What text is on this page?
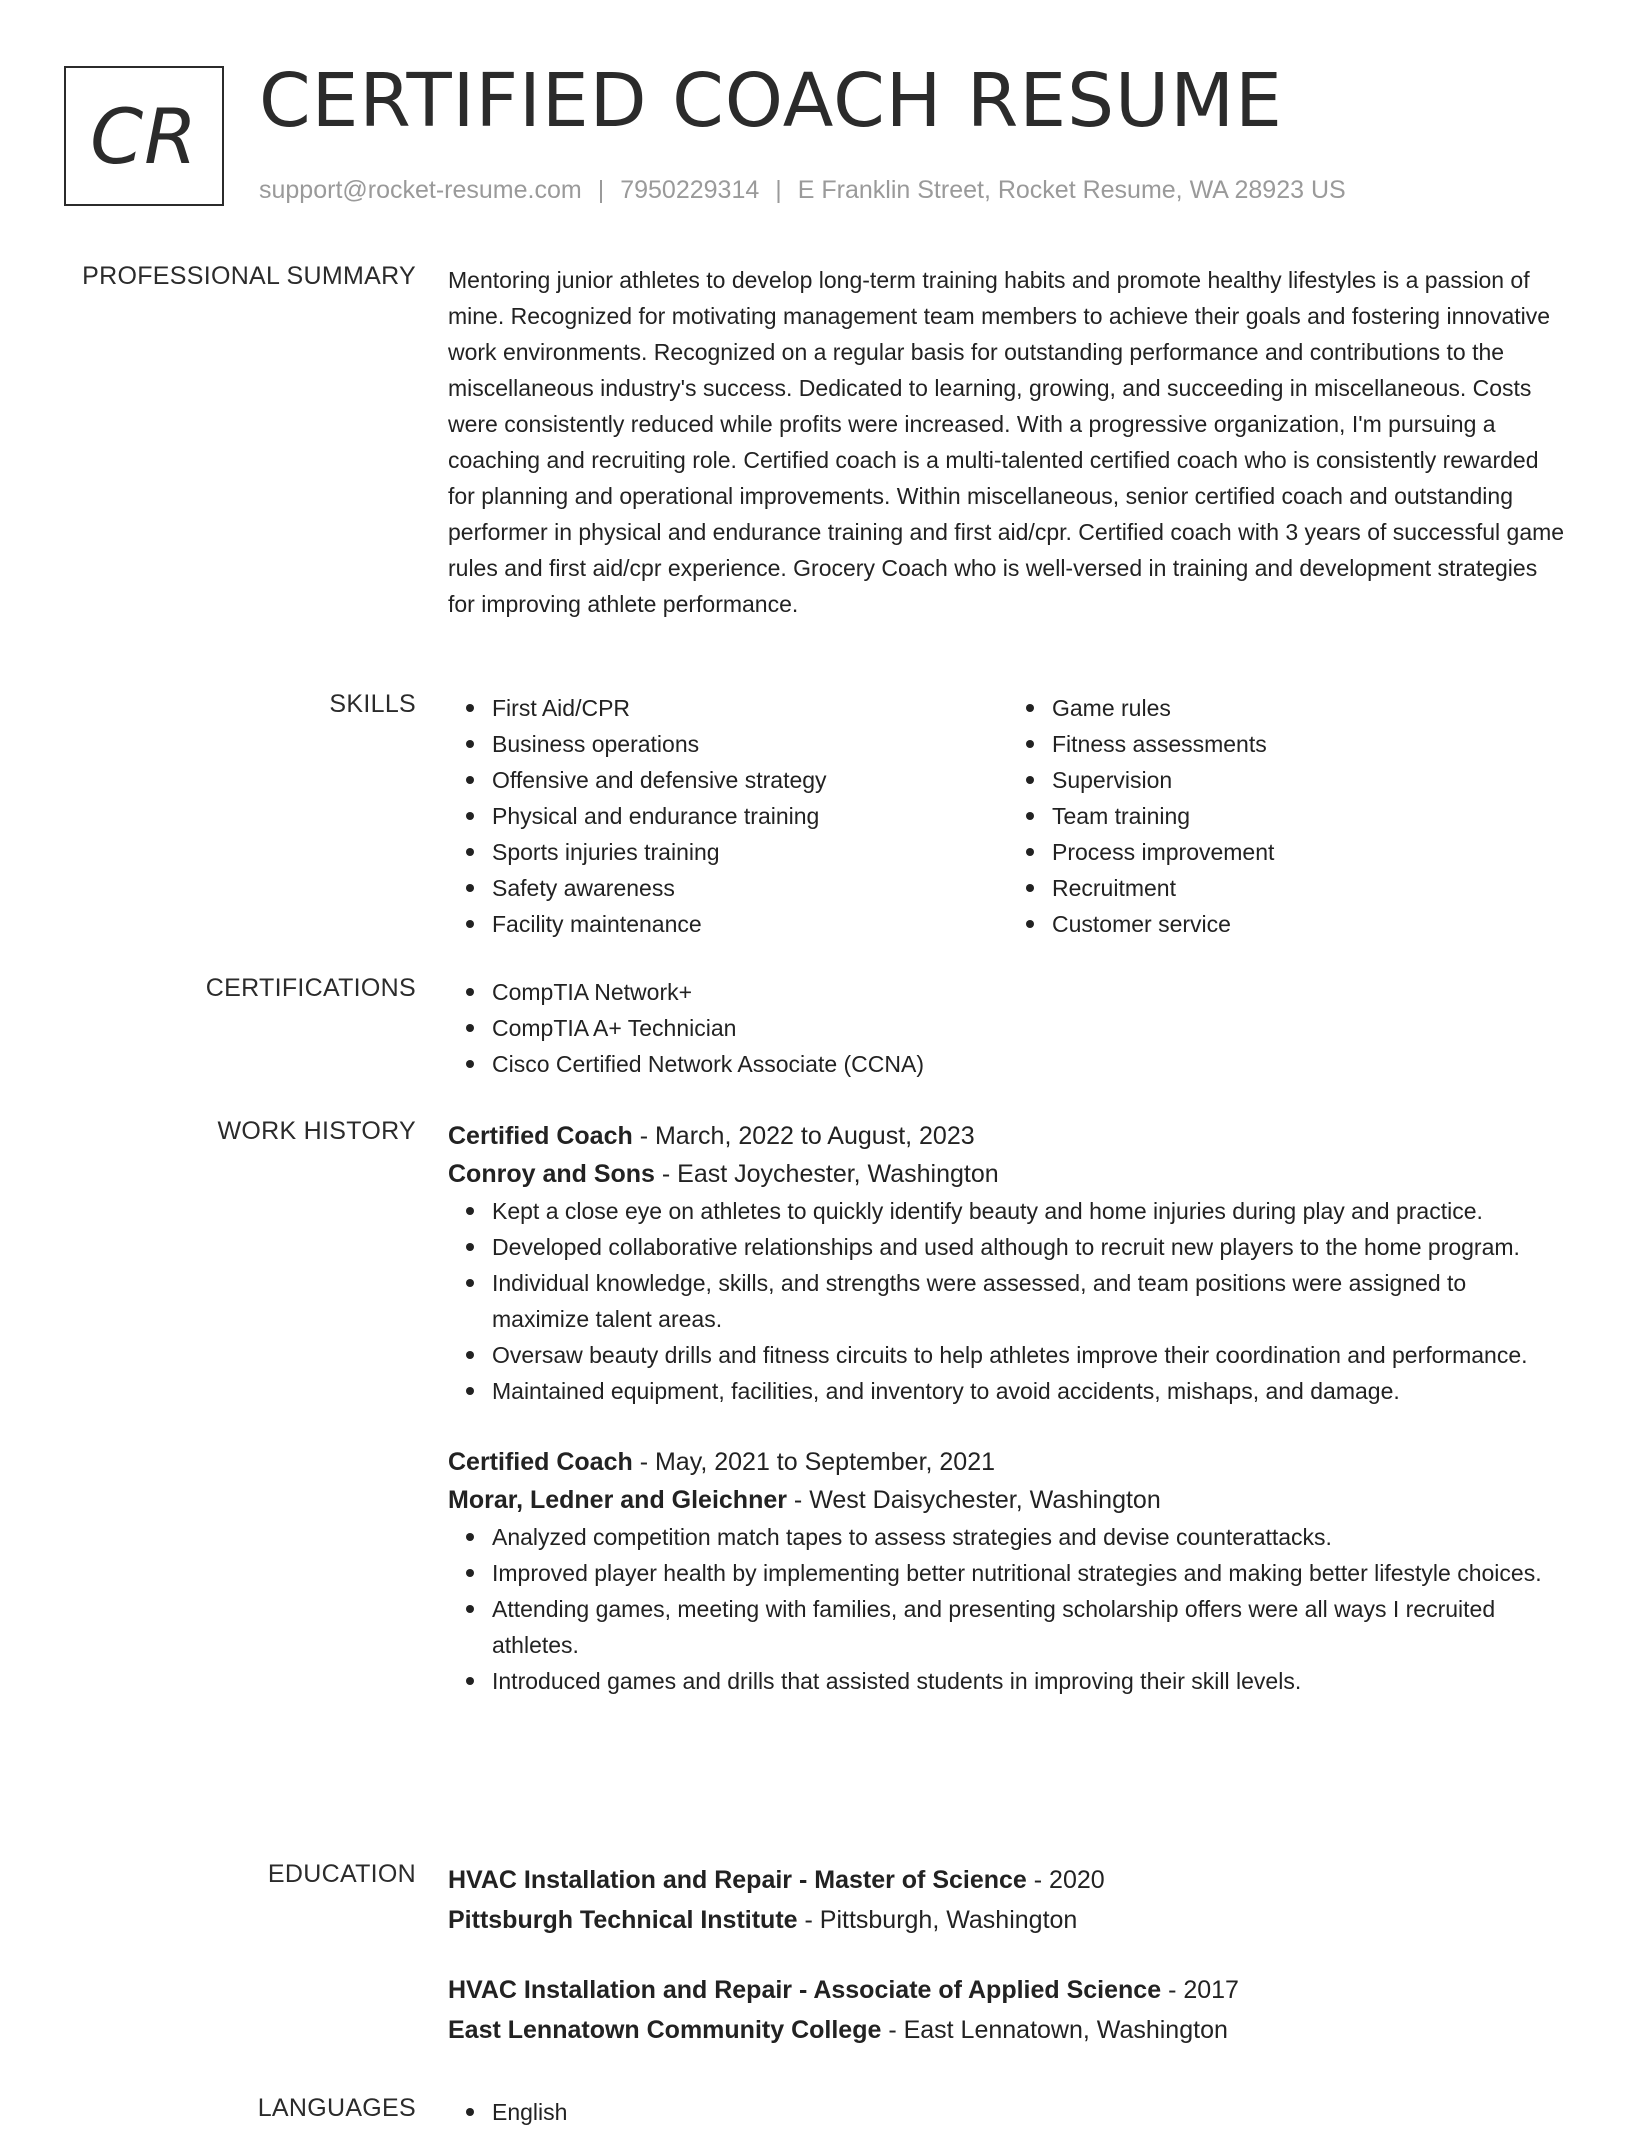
CR CERTIFIED COACH RESUME
support@rocket-resume.com | 7950229314 | E Franklin Street, Rocket Resume, WA 28923 US
PROFESSIONAL SUMMARY Mentoring junior athletes to develop long-term training habits and promote healthy lifestyles is a passion of mine. Recognized for motivating management team members to achieve their goals and fostering innovative work environments. Recognized on a regular basis for outstanding performance and contributions to the miscellaneous industry's success. Dedicated to learning, growing, and succeeding in miscellaneous. Costs were consistently reduced while profits were increased. With a progressive organization, I'm pursuing a coaching and recruiting role. Certified coach is a multi-talented certified coach who is consistently rewarded for planning and operational improvements. Within miscellaneous, senior certified coach and outstanding performer in physical and endurance training and first aid/cpr. Certified coach with 3 years of successful game rules and first aid/cpr experience. Grocery Coach who is well-versed in training and development strategies for improving athlete performance.

SKILLS	First Aid/CPR
Business operations
Offensive and defensive strategy
Physical and endurance training
Sports injuries training
Safety awareness
Facility maintenance
Game rules
Fitness assessments
Supervision
Team training
Process improvement
Recruitment
Customer service
CERTIFICATIONS	CompTIA Network+
CompTIA A+ Technician
Cisco Certified Network Associate (CCNA)
WORK HISTORY Certified Coach - March, 2022 to August, 2023
Conroy and Sons - East Joychester, Washington
Kept a close eye on athletes to quickly identify beauty and home injuries during play and practice.
Developed collaborative relationships and used although to recruit new players to the home program.
Individual knowledge, skills, and strengths were assessed, and team positions were assigned to maximize talent areas.
Oversaw beauty drills and fitness circuits to help athletes improve their coordination and performance.
Maintained equipment, facilities, and inventory to avoid accidents, mishaps, and damage.
Certified Coach - May, 2021 to September, 2021
Morar, Ledner and Gleichner - West Daisychester, Washington
Analyzed competition match tapes to assess strategies and devise counterattacks.
Improved player health by implementing better nutritional strategies and making better lifestyle choices.
Attending games, meeting with families, and presenting scholarship offers were all ways I recruited athletes.
Introduced games and drills that assisted students in improving their skill levels.
EDUCATION HVAC Installation and Repair - Master of Science - 2020
Pittsburgh Technical Institute - Pittsburgh, Washington
HVAC Installation and Repair - Associate of Applied Science - 2017
East Lennatown Community College - East Lennatown, Washington
LANGUAGES	English
